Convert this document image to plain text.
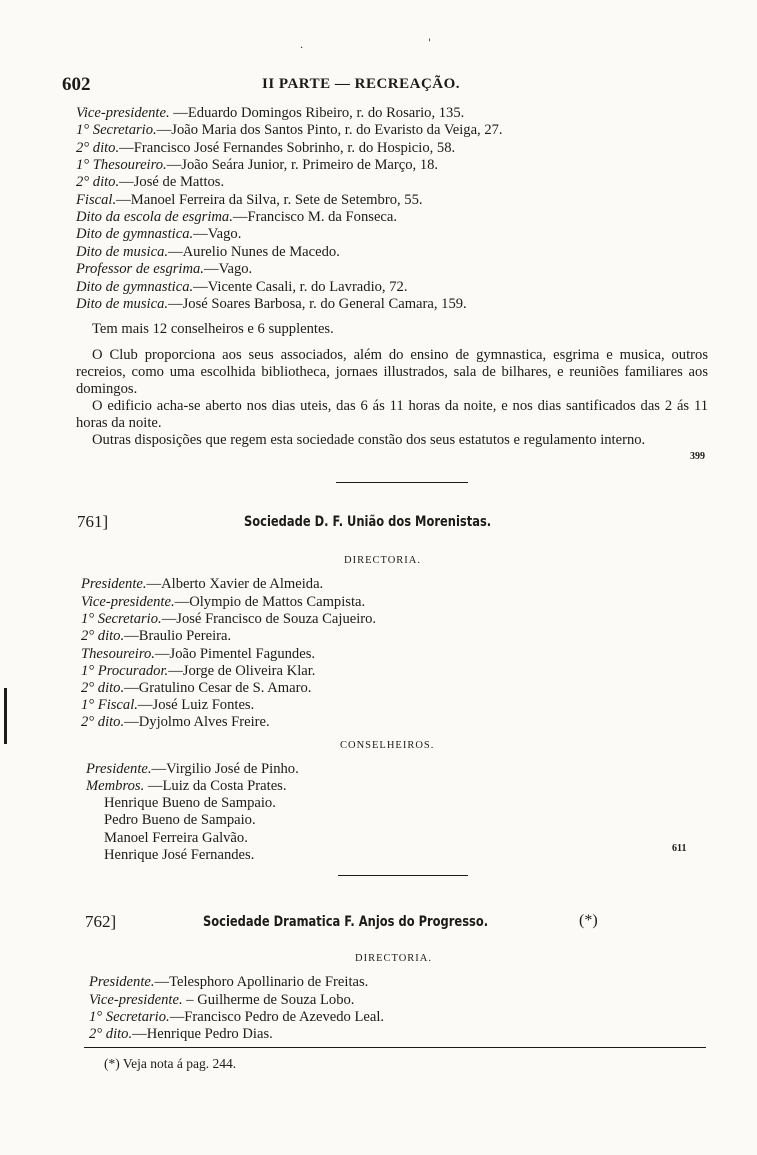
.	'
602	II PARTE — RECREAÇÃO.
Vice-presidente. —Eduardo Domingos Ribeiro, r. do Rosario, 135.
1° Secretario.—João Maria dos Santos Pinto, r. do Evaristo da Veiga, 27.
2° dito.—Francisco José Fernandes Sobrinho, r. do Hospicio, 58.
1° Thesoureiro.—João Seára Junior, r. Primeiro de Março, 18.
2° dito.—José de Mattos.
Fiscal.—Manoel Ferreira da Silva, r. Sete de Setembro, 55.
Dito da escola de esgrima.—Francisco M. da Fonseca.
Dito de gymnastica.—Vago.
Dito de musica.—Aurelio Nunes de Macedo.
Professor de esgrima.—Vago.
Dito de gymnastica.—Vicente Casali, r. do Lavradio, 72.
Dito de musica.—José Soares Barbosa, r. do General Camara, 159.
Tem mais 12 conselheiros e 6 supplentes.
O Club proporciona aos seus associados, além do ensino de gymnastica, esgrima e musica, outros recreios, como uma escolhida bibliotheca, jornaes illustrados, sala de bilhares, e reuniões familiares aos domingos.
O edificio acha-se aberto nos dias uteis, das 6 ás 11 horas da noite, e nos dias santificados das 2 ás 11 horas da noite.
Outras disposições que regem esta sociedade constão dos seus estatutos e regulamento interno.
399
761]	Sociedade D. F. União dos Morenistas.
DIRECTORIA.
Presidente.—Alberto Xavier de Almeida.
Vice-presidente.—Olympio de Mattos Campista.
1° Secretario.—José Francisco de Souza Cajueiro.
2° dito.—Braulio Pereira.
Thesoureiro.—João Pimentel Fagundes.
1° Procurador.—Jorge de Oliveira Klar.
2° dito.—Gratulino Cesar de S. Amaro.
1° Fiscal.—José Luiz Fontes.
2° dito.—Dyjolmo Alves Freire.
CONSELHEIROS.
Presidente.—Virgilio José de Pinho.
Membros. —Luiz da Costa Prates.
Henrique Bueno de Sampaio.
Pedro Bueno de Sampaio.
Manoel Ferreira Galvão.
Henrique José Fernandes.	611
762]	Sociedade Dramatica F. Anjos do Progresso.	(*)
DIRECTORIA.
Presidente.—Telesphoro Apollinario de Freitas.
Vice-presidente. – Guilherme de Souza Lobo.
1° Secretario.—Francisco Pedro de Azevedo Leal.
2° dito.—Henrique Pedro Dias.
(*) Veja nota á pag. 244.
